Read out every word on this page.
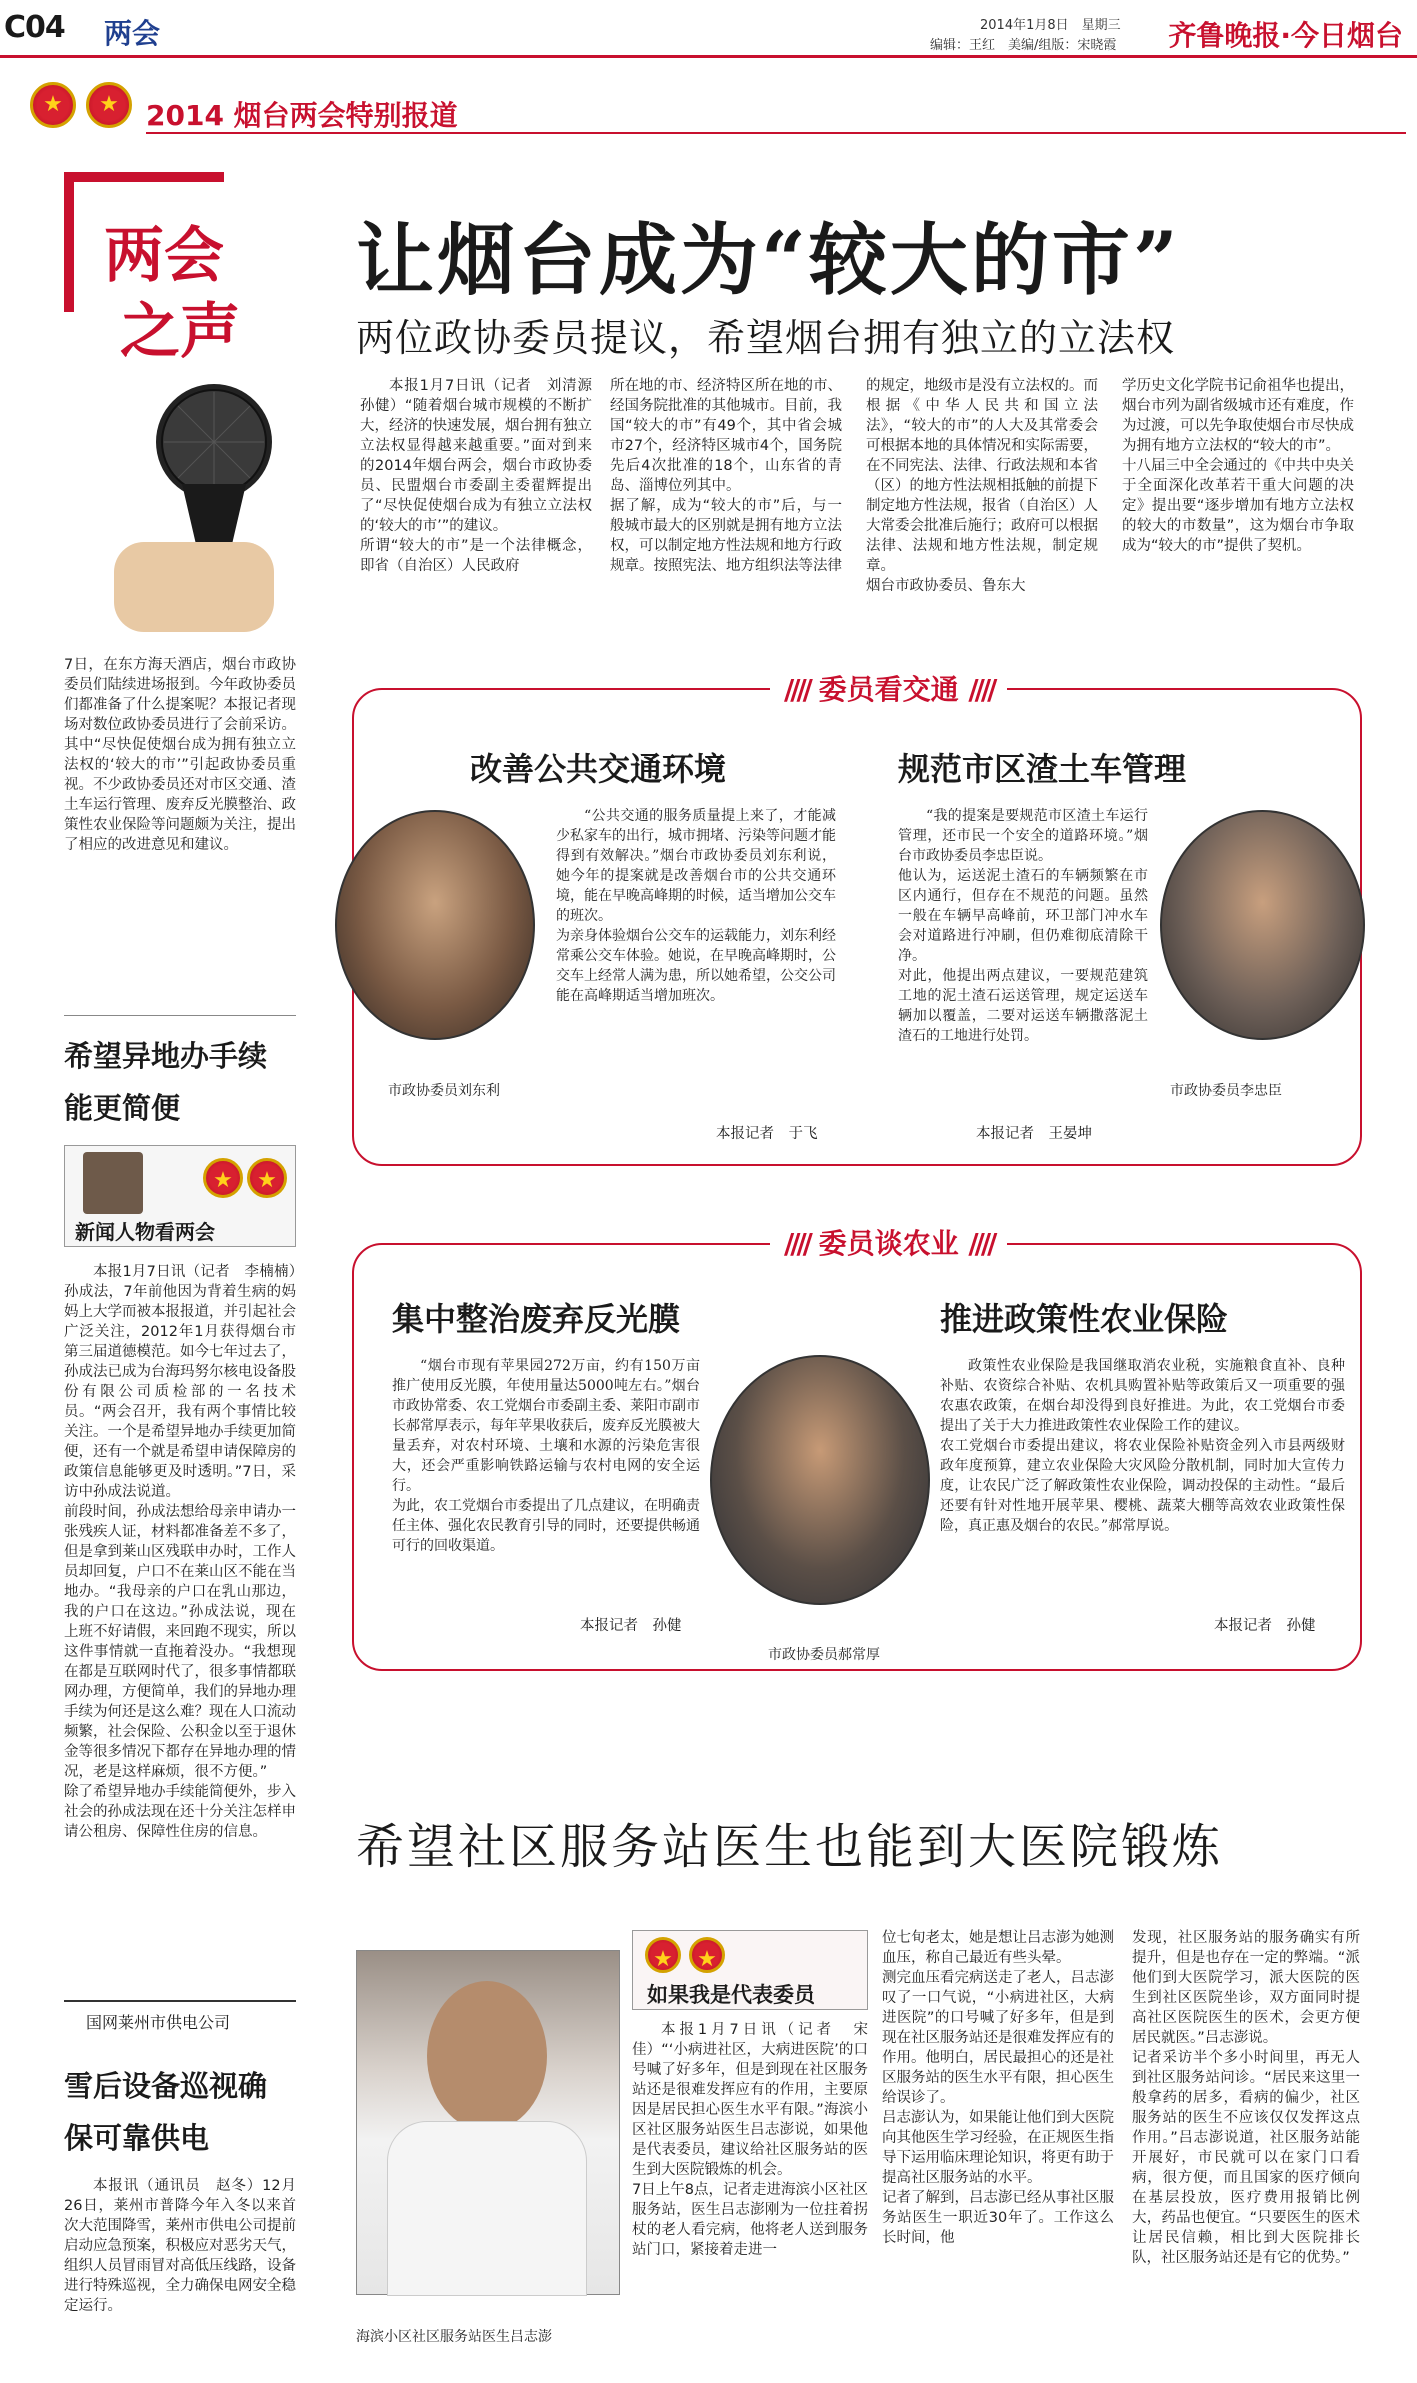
C04 两会	2014年1月8日　星期三
编辑：王红　美编/组版：宋晓霞 齐鲁晚报·今日烟台
★
★
2014 烟台两会特别报道
两会
之声
7日，在东方海天酒店，烟台市政协委员们陆续进场报到。今年政协委员们都准备了什么提案呢？本报记者现场对数位政协委员进行了会前采访。其中“尽快促使烟台成为拥有独立立法权的‘较大的市’”引起政协委员重视。不少政协委员还对市区交通、渣土车运行管理、废弃反光膜整治、政策性农业保险等问题颇为关注，提出了相应的改进意见和建议。
希望异地办手续能更简便
★
★
新闻人物看两会
本报1月7日讯（记者　李楠楠）　孙成法，7年前他因为背着生病的妈妈上大学而被本报报道，并引起社会广泛关注，2012年1月获得烟台市第三届道德模范。如今七年过去了，孙成法已成为台海玛努尔核电设备股份有限公司质检部的一名技术员。“两会召开，我有两个事情比较关注。一个是希望异地办手续更加简便，还有一个就是希望申请保障房的政策信息能够更及时透明。”7日，采访中孙成法说道。
前段时间，孙成法想给母亲申请办一张残疾人证，材料都准备差不多了，但是拿到莱山区残联申办时，工作人员却回复，户口不在莱山区不能在当地办。“我母亲的户口在乳山那边，我的户口在这边。”孙成法说，现在上班不好请假，来回跑不现实，所以这件事情就一直拖着没办。“我想现在都是互联网时代了，很多事情都联网办理，方便简单，我们的异地办理手续为何还是这么难？现在人口流动频繁，社会保险、公积金以至于退休金等很多情况下都存在异地办理的情况，老是这样麻烦，很不方便。”
除了希望异地办手续能简便外，步入社会的孙成法现在还十分关注怎样申请公租房、保障性住房的信息。
国网莱州市供电公司
雪后设备巡视确保可靠供电
本报讯（通讯员　赵冬）12月26日，莱州市普降今年入冬以来首次大范围降雪，莱州市供电公司提前启动应急预案，积极应对恶劣天气，组织人员冒雨冒对高低压线路，设备进行特殊巡视，全力确保电网安全稳定运行。
让烟台成为“较大的市”
两位政协委员提议，希望烟台拥有独立的立法权
本报1月7日讯（记者　刘清源　孙健）“随着烟台城市规模的不断扩大，经济的快速发展，烟台拥有独立立法权显得越来越重要。”面对到来的2014年烟台两会，烟台市政协委员、民盟烟台市委副主委翟辉提出了“尽快促使烟台成为有独立立法权的‘较大的市’”的建议。
所谓“较大的市”是一个法律概念，即省（自治区）人民政府
所在地的市、经济特区所在地的市、经国务院批准的其他城市。目前，我国“较大的市”有49个，其中省会城市27个，经济特区城市4个，国务院先后4次批准的18个，山东省的青岛、淄博位列其中。
据了解，成为“较大的市”后，与一般城市最大的区别就是拥有地方立法权，可以制定地方性法规和地方行政规章。按照宪法、地方组织法等法律
的规定，地级市是没有立法权的。而根据《中华人民共和国立法法》，“较大的市”的人大及其常委会可根据本地的具体情况和实际需要，在不同宪法、法律、行政法规和本省（区）的地方性法规相抵触的前提下制定地方性法规，报省（自治区）人大常委会批准后施行；政府可以根据法律、法规和地方性法规，制定规章。
烟台市政协委员、鲁东大
学历史文化学院书记俞祖华也提出，烟台市列为副省级城市还有难度，作为过渡，可以先争取使烟台市尽快成为拥有地方立法权的“较大的市”。
十八届三中全会通过的《中共中央关于全面深化改革若干重大问题的决定》提出要“逐步增加有地方立法权的较大的市数量”，这为烟台市争取成为“较大的市”提供了契机。
//// 委员看交通 ////
改善公共交通环境
市政协委员刘东利
“公共交通的服务质量提上来了，才能减少私家车的出行，城市拥堵、污染等问题才能得到有效解决。”烟台市政协委员刘东利说，她今年的提案就是改善烟台市的公共交通环境，能在早晚高峰期的时候，适当增加公交车的班次。
为亲身体验烟台公交车的运载能力，刘东利经常乘公交车体验。她说，在早晚高峰期时，公交车上经常人满为患，所以她希望，公交公司能在高峰期适当增加班次。
本报记者　于飞
规范市区渣土车管理
“我的提案是要规范市区渣土车运行管理，还市民一个安全的道路环境。”烟台市政协委员李忠臣说。
他认为，运送泥土渣石的车辆频繁在市区内通行，但存在不规范的问题。虽然一般在车辆早高峰前，环卫部门冲水车会对道路进行冲刷，但仍难彻底清除干净。
对此，他提出两点建议，一要规范建筑工地的泥土渣石运送管理，规定运送车辆加以覆盖，二要对运送车辆撒落泥土渣石的工地进行处罚。
本报记者　王晏坤
市政协委员李忠臣
//// 委员谈农业 ////
集中整治废弃反光膜
“烟台市现有苹果园272万亩，约有150万亩推广使用反光膜，年使用量达5000吨左右。”烟台市政协常委、农工党烟台市委副主委、莱阳市副市长郝常厚表示，每年苹果收获后，废弃反光膜被大量丢弃，对农村环境、土壤和水源的污染危害很大，还会严重影响铁路运输与农村电网的安全运行。
为此，农工党烟台市委提出了几点建议，在明确责任主体、强化农民教育引导的同时，还要提供畅通可行的回收渠道。
本报记者　孙健
市政协委员郝常厚
推进政策性农业保险
政策性农业保险是我国继取消农业税，实施粮食直补、良种补贴、农资综合补贴、农机具购置补贴等政策后又一项重要的强农惠农政策，在烟台却没得到良好推进。为此，农工党烟台市委提出了关于大力推进政策性农业保险工作的建议。
农工党烟台市委提出建议，将农业保险补贴资金列入市县两级财政年度预算，建立农业保险大灾风险分散机制，同时加大宣传力度，让农民广泛了解政策性农业保险，调动投保的主动性。“最后还要有针对性地开展苹果、樱桃、蔬菜大棚等高效农业政策性保险，真正惠及烟台的农民。”郝常厚说。
本报记者　孙健
希望社区服务站医生也能到大医院锻炼
海滨小区社区服务站医生吕志澎
★
★
如果我是代表委员
本报1月7日讯（记者　宋佳）“‘小病进社区，大病进医院’的口号喊了好多年，但是到现在社区服务站还是很难发挥应有的作用，主要原因是居民担心医生水平有限。”海滨小区社区服务站医生吕志澎说，如果他是代表委员，建议给社区服务站的医生到大医院锻炼的机会。
7日上午8点，记者走进海滨小区社区服务站，医生吕志澎刚为一位拄着拐杖的老人看完病，他将老人送到服务站门口，紧接着走进一
位七旬老太，她是想让吕志澎为她测血压，称自己最近有些头晕。
测完血压看完病送走了老人，吕志澎叹了一口气说，“小病进社区，大病进医院”的口号喊了好多年，但是到现在社区服务站还是很难发挥应有的作用。他明白，居民最担心的还是社区服务站的医生水平有限，担心医生给误诊了。
吕志澎认为，如果能让他们到大医院向其他医生学习经验，在正规医生指导下运用临床理论知识，将更有助于提高社区服务站的水平。
记者了解到，吕志澎已经从事社区服务站医生一职近30年了。工作这么长时间，他
发现，社区服务站的服务确实有所提升，但是也存在一定的弊端。“派他们到大医院学习，派大医院的医生到社区医院坐诊，双方面同时提高社区医院医生的医术，会更方便居民就医。”吕志澎说。
记者采访半个多小时间里，再无人到社区服务站问诊。“居民来这里一般拿药的居多，看病的偏少，社区服务站的医生不应该仅仅发挥这点作用。”吕志澎说道，社区服务站能开展好，市民就可以在家门口看病，很方便，而且国家的医疗倾向在基层投放，医疗费用报销比例大，药品也便宜。“只要医生的医术让居民信赖，相比到大医院排长队，社区服务站还是有它的优势。”
